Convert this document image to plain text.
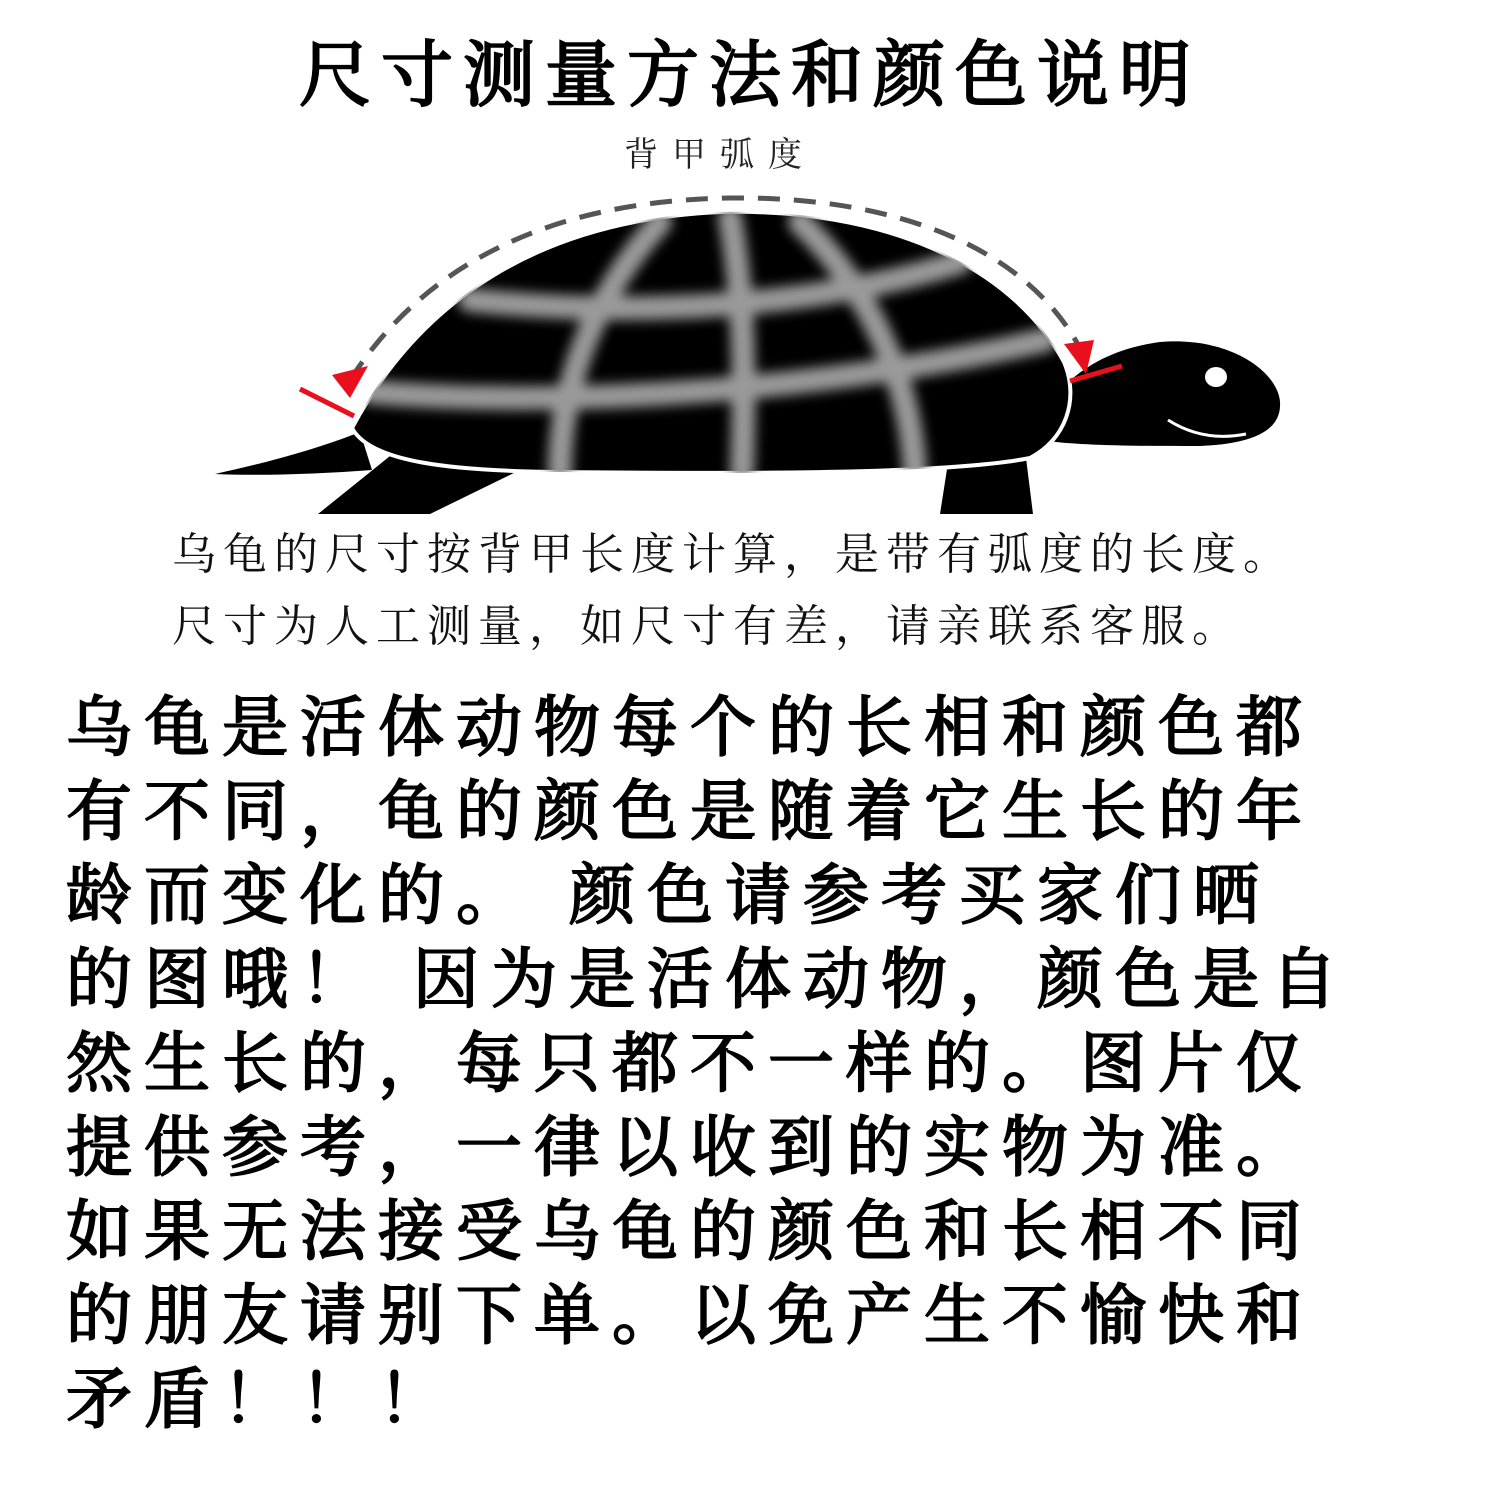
尺寸测量方法和颜色说明
背甲弧度
乌龟的尺寸按背甲长度计算，是带有弧度的长度。
尺寸为人工测量，如尺寸有差，请亲联系客服。
乌龟是活体动物每个的长相和颜色都
有不同，龟的颜色是随着它生长的年
龄而变化的。 颜色请参考买家们晒
的图哦！ 因为是活体动物，颜色是自
然生长的，每只都不一样的。图片仅
提供参考，一律以收到的实物为准。
如果无法接受乌龟的颜色和长相不同
的朋友请别下单。以免产生不愉快和
矛盾！！！
